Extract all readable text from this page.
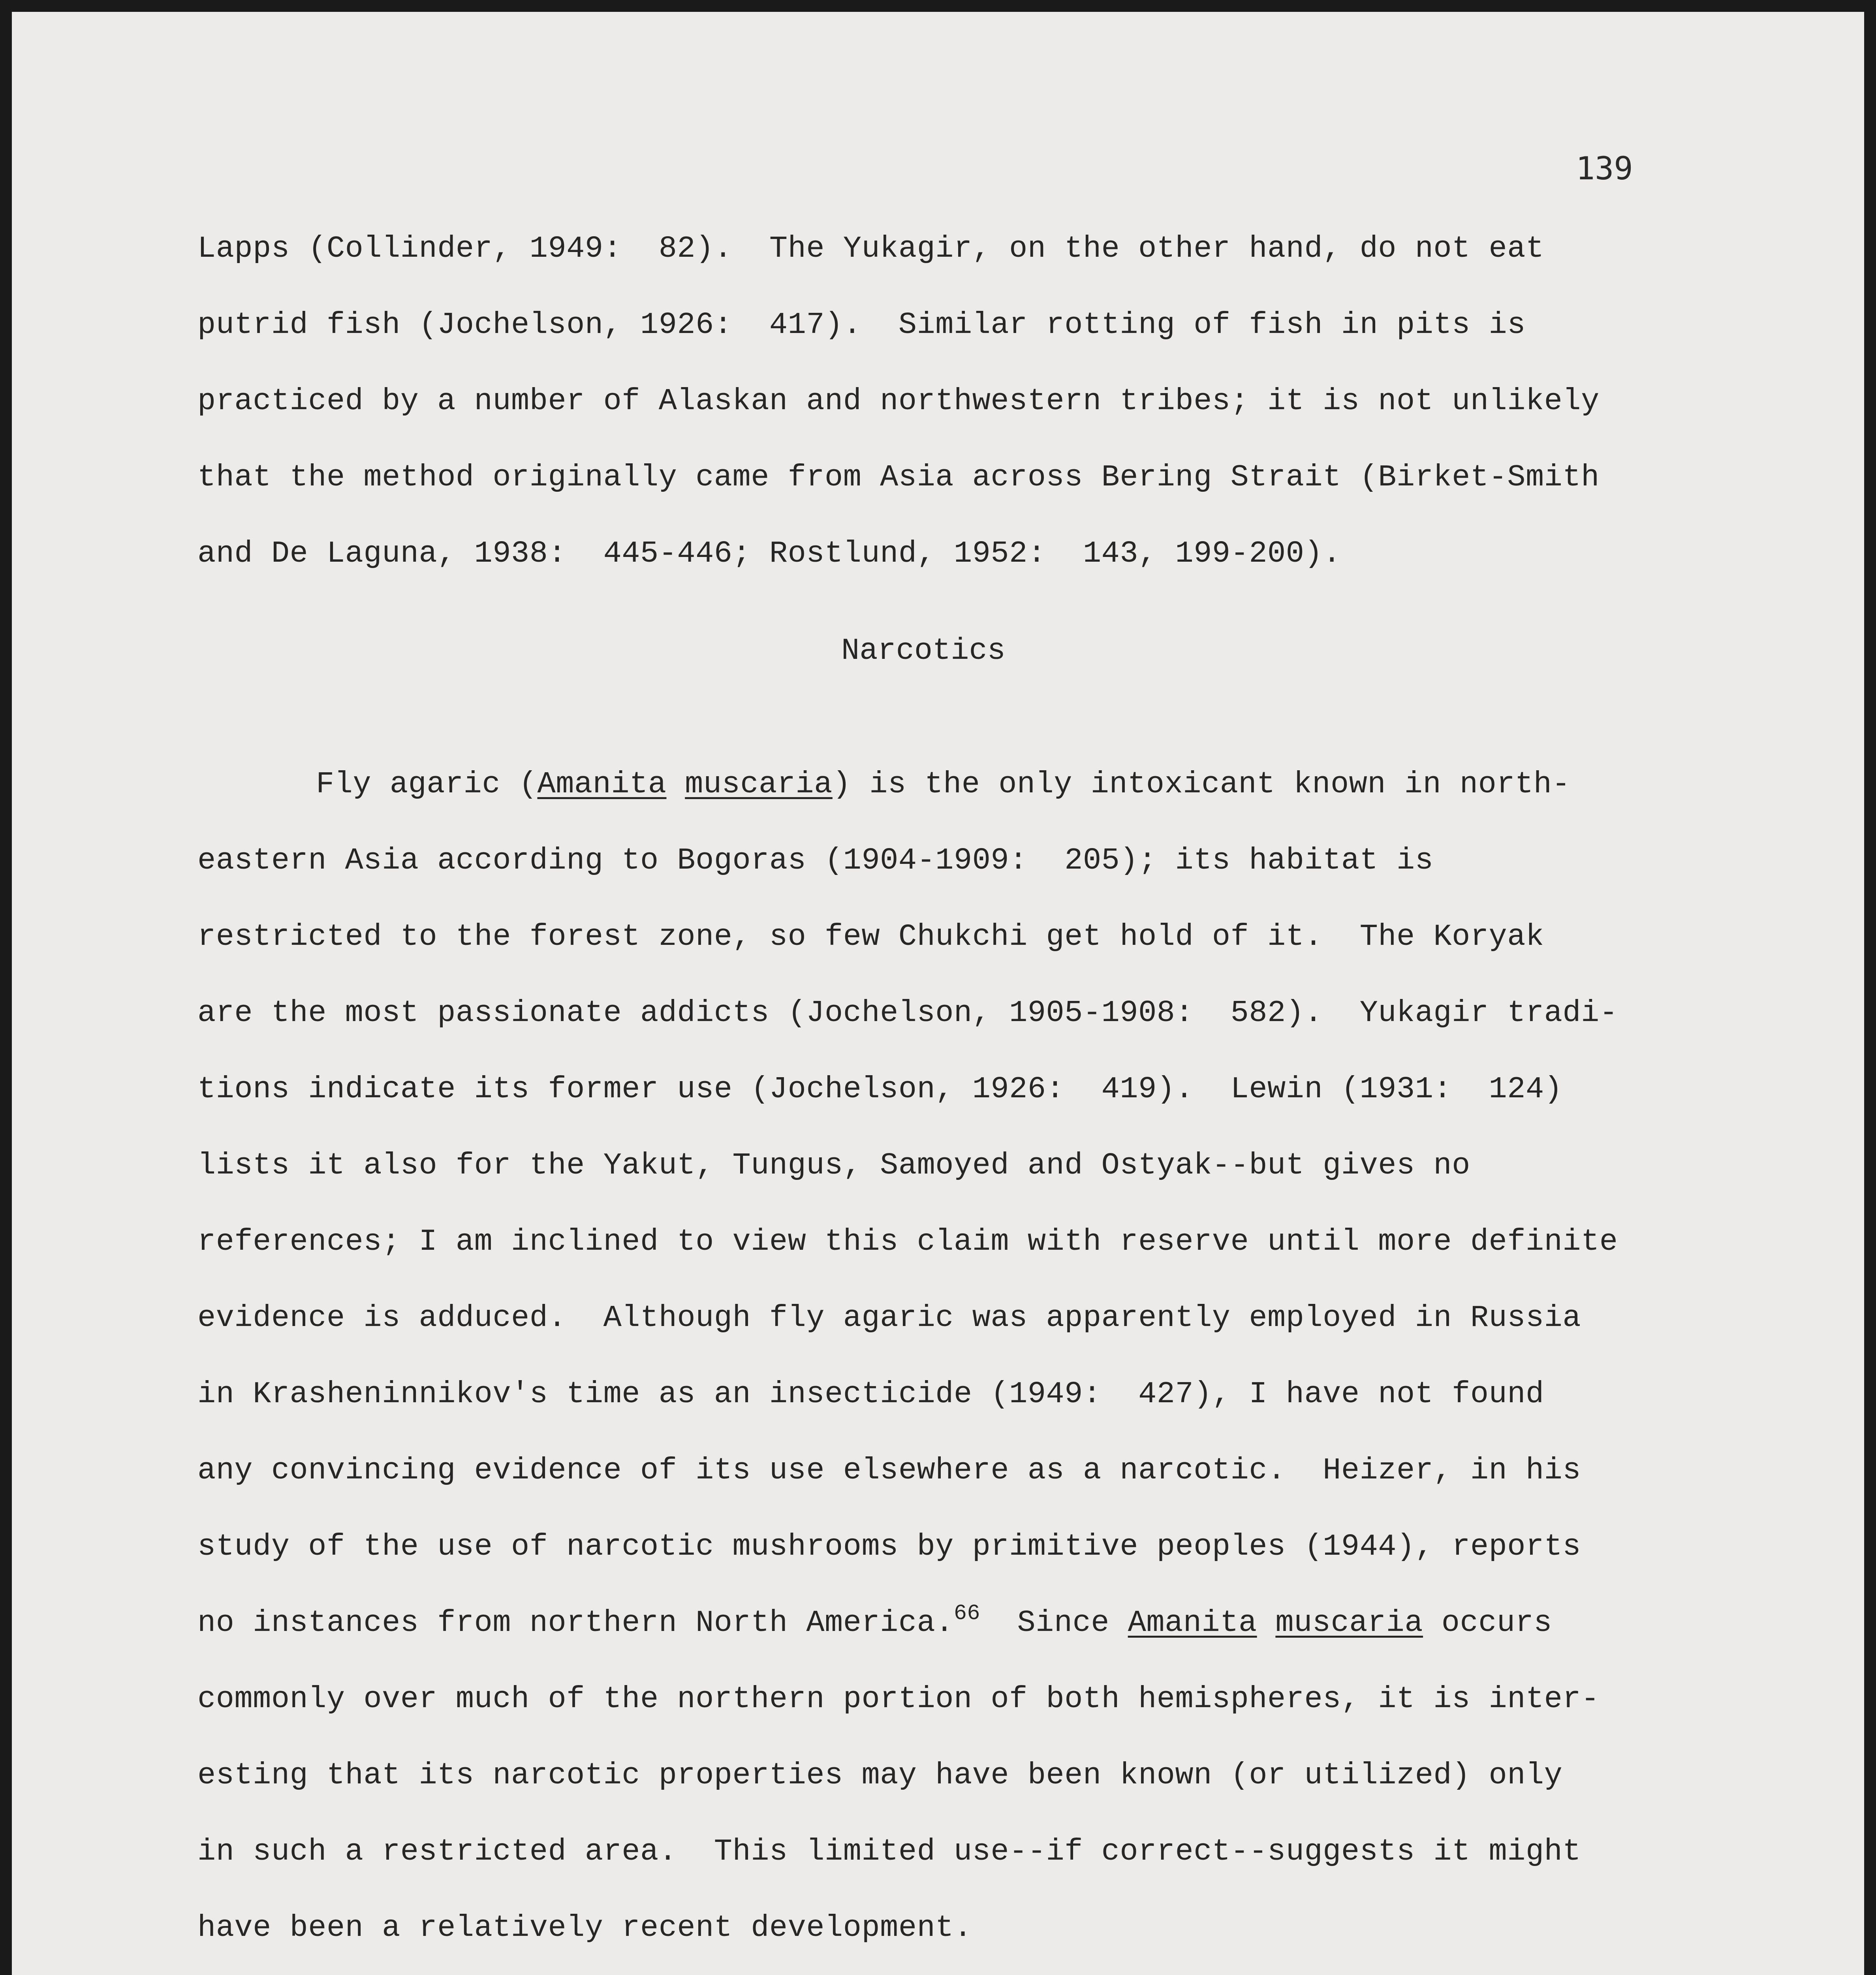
139
Lapps (Collinder, 1949:  82).  The Yukagir, on the other hand, do not eat
putrid fish (Jochelson, 1926:  417).  Similar rotting of fish in pits is
practiced by a number of Alaskan and northwestern tribes; it is not unlikely
that the method originally came from Asia across Bering Strait (Birket-Smith
and De Laguna, 1938:  445-446; Rostlund, 1952:  143, 199-200).
Narcotics
Fly agaric (Amanita muscaria) is the only intoxicant known in north-
eastern Asia according to Bogoras (1904-1909:  205); its habitat is
restricted to the forest zone, so few Chukchi get hold of it.  The Koryak
are the most passionate addicts (Jochelson, 1905-1908:  582).  Yukagir tradi-
tions indicate its former use (Jochelson, 1926:  419).  Lewin (1931:  124)
lists it also for the Yakut, Tungus, Samoyed and Ostyak--but gives no
references; I am inclined to view this claim with reserve until more definite
evidence is adduced.  Although fly agaric was apparently employed in Russia
in Krasheninnikov's time as an insecticide (1949:  427), I have not found
any convincing evidence of its use elsewhere as a narcotic.  Heizer, in his
study of the use of narcotic mushrooms by primitive peoples (1944), reports
no instances from northern North America.$^{66}$  Since Amanita muscaria occurs
commonly over much of the northern portion of both hemispheres, it is inter-
esting that its narcotic properties may have been known (or utilized) only
in such a restricted area.  This limited use--if correct--suggests it might
have been a relatively recent development.
